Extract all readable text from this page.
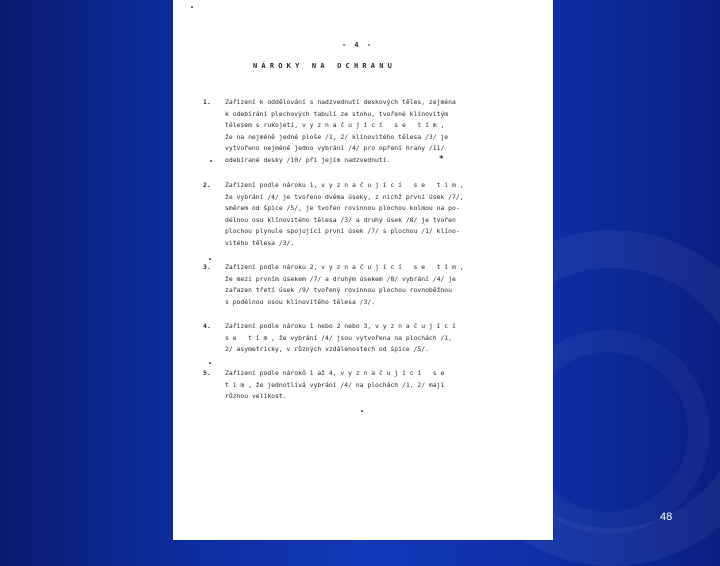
- 4 -
NÁROKY NA OCHRANU
1. Zařízení k oddělování s nadzvednutí deskových těles, zejména
k odebírání plechových tabulí ze stohu, tvořené klínovitým
tělesem s rukojetí, v y z n a č u j í c í   s e   t í m ,
že na nejméně jedné ploše /1, 2/ klínovitého tělesa /3/ je
vytvořeno nejméně jedno vybrání /4/ pro opření hrany /11/
odebírané desky /10/ při jejím nadzvednutí.	*
2. Zařízení podle nároku 1, v y z n a č u j í c í   s e   t í m ,
že vybrání /4/ je tvořeno dvěma úseky, z nichž první úsek /7/,
směrem od špice /5/, je tvořen rovinnou plochou kolmou na po-
délnou osu klínovitého tělesa /3/ a druhý úsek /8/ je tvořen
plochou plynule spojující první úsek /7/ s plochou /1/ klíno-
vitého tělesa /3/.
3. Zařízení podle nároku 2, v y z n a č u j í c í   s e   t í m ,
že mezi prvním úsekem /7/ a druhým úsekem /8/ vybrání /4/ je
zařazen třetí úsek /9/ tvořený rovinnou plochou rovnoběžnou
s podélnou osou klínovitého tělesa /3/.
4. Zařízení podle nároku 1 nebo 2 nebo 3, v y z n a č u j í c í
s e   t í m , že vybrání /4/ jsou vytvořena na plochách /1,
2/ asymetricky, v různých vzdálenostech od špice /5/.
5. Zařízení podle nároků 1 až 4, v y z n a č u j í c í   s e
t í m , že jednotlivá vybrání /4/ na plochách /1, 2/ mají
různou velikost.
48
